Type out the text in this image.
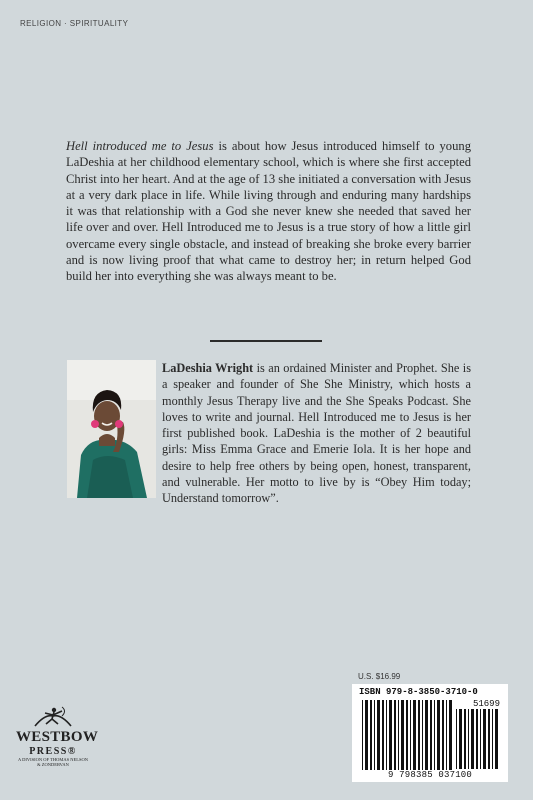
RELIGION · SPIRITUALITY

Hell introduced me to Jesus is about how Jesus introduced himself to young LaDeshia at her childhood elementary school, which is where she first accepted Christ into her heart. And at the age of 13 she initiated a conversation with Jesus at a very dark place in life. While living through and enduring many hardships it was that relationship with a God she never knew she needed that saved her life over and over. Hell Introduced me to Jesus is a true story of how a little girl overcame every single obstacle, and instead of breaking she broke every barrier and is now living proof that what came to destroy her; in return helped God build her into everything she was always meant to be.

LaDeshia Wright is an ordained Minister and Prophet. She is a speaker and founder of She She Ministry, which hosts a monthly Jesus Therapy live and the She Speaks Podcast. She loves to write and journal. Hell Introduced me to Jesus is her first published book. LaDeshia is the mother of 2 beautiful girls: Miss Emma Grace and Emerie Iola. It is her hope and desire to help free others by being open, honest, transparent, and vulnerable. Her motto to live by is “Obey Him today; Understand tomorrow”.

WESTBOW
PRESS®
A DIVISION OF THOMAS NELSON
& ZONDERVAN
U.S. $16.99
ISBN 979-8-3850-3710-0
51699
9 798385 037100
